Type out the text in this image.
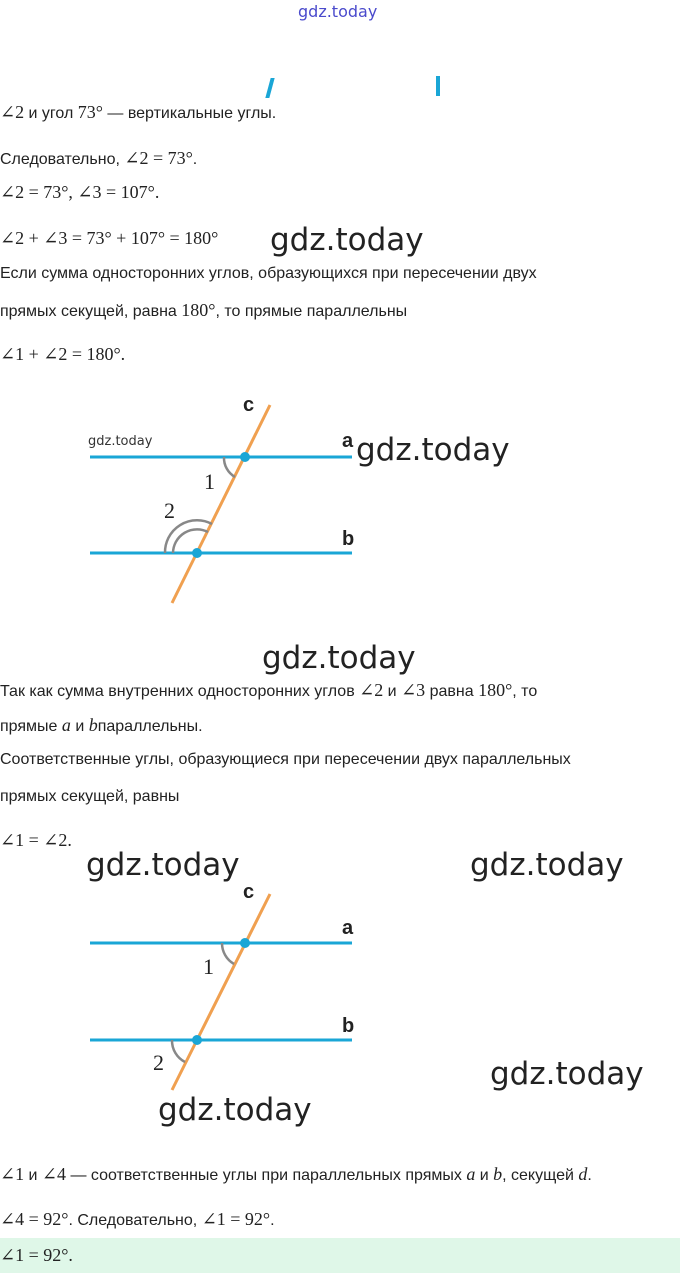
gdz.today
∠2 и угол 73° — вертикальные углы.
Следовательно, ∠2 = 73°.
∠2 = 73°, ∠3 = 107°.
∠2 + ∠3 = 73° + 107° = 180° gdz.today
Если сумма односторонних углов, образующихся при пересечении двух
прямых секущей, равна 180°, то прямые параллельны
∠1 + ∠2 = 180°.
gdz.today	gdz.today
c
a
b
1
2
gdz.today
Так как сумма внутренних односторонних углов ∠2 и ∠3 равна 180°, то
прямые a и bпараллельны.
Соответственные углы, образующиеся при пересечении двух параллельных
прямых секущей, равны
∠1 = ∠2.
gdz.today	gdz.today
c
a
b
1
2	gdz.today
gdz.today
∠1 и ∠4 — соответственные углы при параллельных прямых a и b, секущей d.
∠4 = 92°. Следовательно, ∠1 = 92°.
∠1 = 92°.
